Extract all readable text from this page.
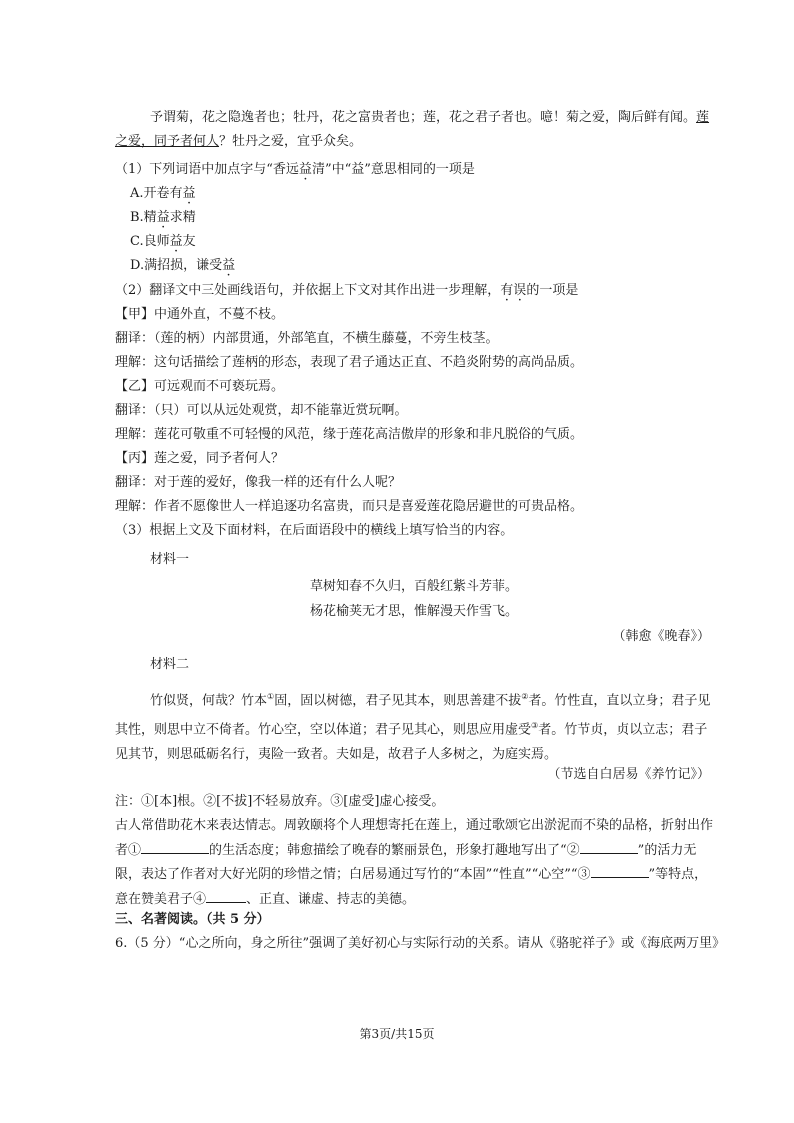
予谓菊，花之隐逸者也；牡丹，花之富贵者也；莲，花之君子者也。噫！菊之爱，陶后鲜有闻。莲
之爱，同予者何人？牡丹之爱，宜乎众矣。
（1）下列词语中加点字与“香远益清”中“益”意思相同的一项是
A.开卷有益
B.精益求精
C.良师益友
D.满招损，谦受益
（2）翻译文中三处画线语句，并依据上下文对其作出进一步理解，有误的一项是
【甲】中通外直，不蔓不枝。
翻译：（莲的柄）内部贯通，外部笔直，不横生藤蔓，不旁生枝茎。
理解：这句话描绘了莲柄的形态，表现了君子通达正直、不趋炎附势的高尚品质。
【乙】可远观而不可亵玩焉。
翻译：（只）可以从远处观赏，却不能靠近赏玩啊。
理解：莲花可敬重不可轻慢的风范，缘于莲花高洁傲岸的形象和非凡脱俗的气质。
【丙】莲之爱，同予者何人？
翻译：对于莲的爱好，像我一样的还有什么人呢？
理解：作者不愿像世人一样追逐功名富贵，而只是喜爱莲花隐居避世的可贵品格。
（3）根据上文及下面材料，在后面语段中的横线上填写恰当的内容。
材料一
草树知春不久归，百般红紫斗芳菲。
杨花榆荚无才思，惟解漫天作雪飞。
（韩愈《晚春》）
材料二
竹似贤，何哉？竹本①固，固以树德，君子见其本，则思善建不拔②者。竹性直，直以立身；君子见其性，则思中立不倚者。竹心空，空以体道；君子见其心，则思应用虚受③者。竹节贞，贞以立志；君子见其节，则思砥砺名行，夷险一致者。夫如是，故君子人多树之，为庭实焉。
（节选自白居易《养竹记》）
注：①[本]根。②[不拔]不轻易放弃。③[虚受]虚心接受。
古人常借助花木来表达情志。周敦颐将个人理想寄托在莲上，通过歌颂它出淤泥而不染的品格，折射出作者①	的生活态度；韩愈描绘了晚春的繁丽景色，形象打趣地写出了“②	”的活力无限，表达了作者对大好光阴的珍惜之情；白居易通过写竹的“本固”“性直”“心空”“③	”等特点，意在赞美君子④	、正直、谦虚、持志的美德。
三、名著阅读。（共 5 分）
6.（5 分）“心之所向，身之所往”强调了美好初心与实际行动的关系。请从《骆驼祥子》或《海底两万里》
第3页/共15页
